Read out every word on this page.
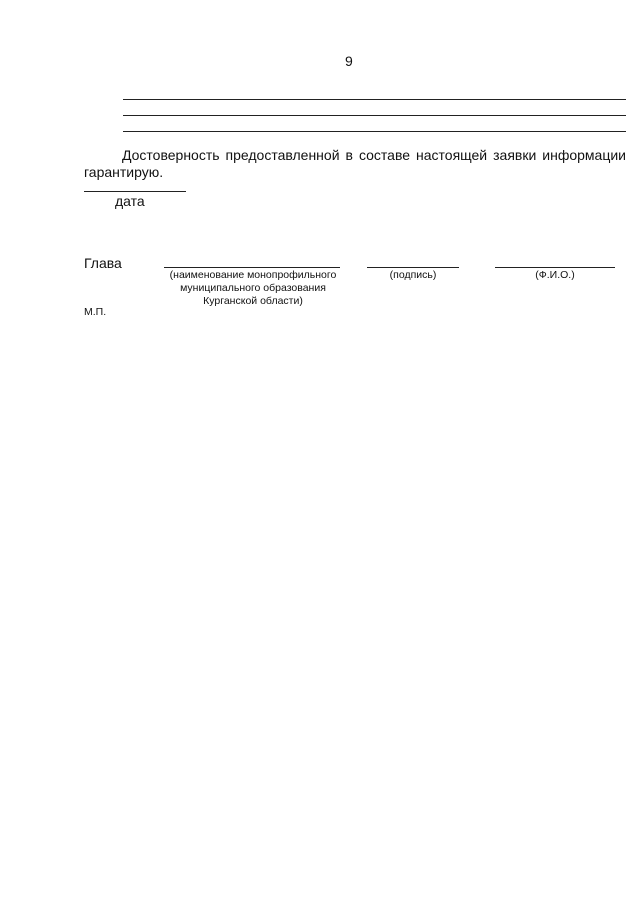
9
Достоверность предоставленной в составе настоящей заявки информации гарантирую.
дата
Глава
(наименование монопрофильного муниципального образования Курганской области)
(подпись)	(Ф.И.О.)
М.П.
